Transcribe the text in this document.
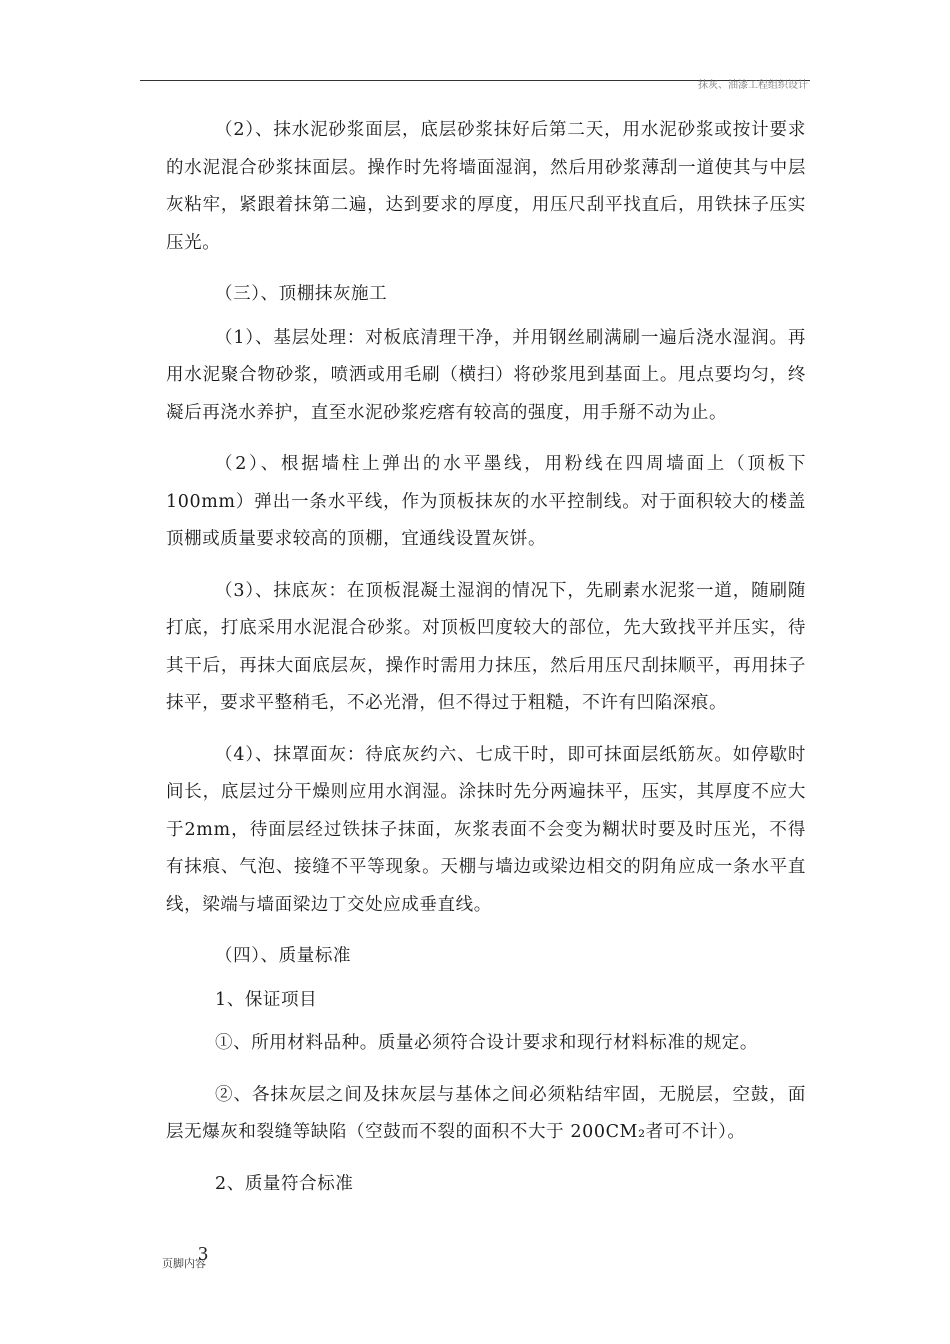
抹灰、油漆工程组织设计

（2）、抹水泥砂浆面层，底层砂浆抹好后第二天，用水泥砂浆或按计要求的水泥混合砂浆抹面层。操作时先将墙面湿润，然后用砂浆薄刮一道使其与中层灰粘牢，紧跟着抹第二遍，达到要求的厚度，用压尺刮平找直后，用铁抹子压实压光。

（三）、顶棚抹灰施工

（1）、基层处理：对板底清理干净，并用钢丝刷满刷一遍后浇水湿润。再用水泥聚合物砂浆，喷洒或用毛刷（横扫）将砂浆甩到基面上。甩点要均匀，终凝后再浇水养护，直至水泥砂浆疙瘩有较高的强度，用手掰不动为止。

（2）、根据墙柱上弹出的水平墨线，用粉线在四周墙面上（顶板下100mm）弹出一条水平线，作为顶板抹灰的水平控制线。对于面积较大的楼盖顶棚或质量要求较高的顶棚，宜通线设置灰饼。

（3）、抹底灰：在顶板混凝土湿润的情况下，先刷素水泥浆一道，随刷随打底，打底采用水泥混合砂浆。对顶板凹度较大的部位，先大致找平并压实，待其干后，再抹大面底层灰，操作时需用力抹压，然后用压尺刮抹顺平，再用抹子抹平，要求平整稍毛，不必光滑，但不得过于粗糙，不许有凹陷深痕。

（4）、抹罩面灰：待底灰约六、七成干时，即可抹面层纸筋灰。如停歇时间长，底层过分干燥则应用水润湿。涂抹时先分两遍抹平，压实，其厚度不应大于2mm，待面层经过铁抹子抹面，灰浆表面不会变为糊状时要及时压光，不得有抹痕、气泡、接缝不平等现象。天棚与墙边或梁边相交的阴角应成一条水平直线，梁端与墙面梁边丁交处应成垂直线。

（四）、质量标准

1、保证项目

①、所用材料品种。质量必须符合设计要求和现行材料标准的规定。

②、各抹灰层之间及抹灰层与基体之间必须粘结牢固，无脱层，空鼓，面层无爆灰和裂缝等缺陷（空鼓而不裂的面积不大于 200CM₂者可不计）。

2、质量符合标准

页脚内容
3
